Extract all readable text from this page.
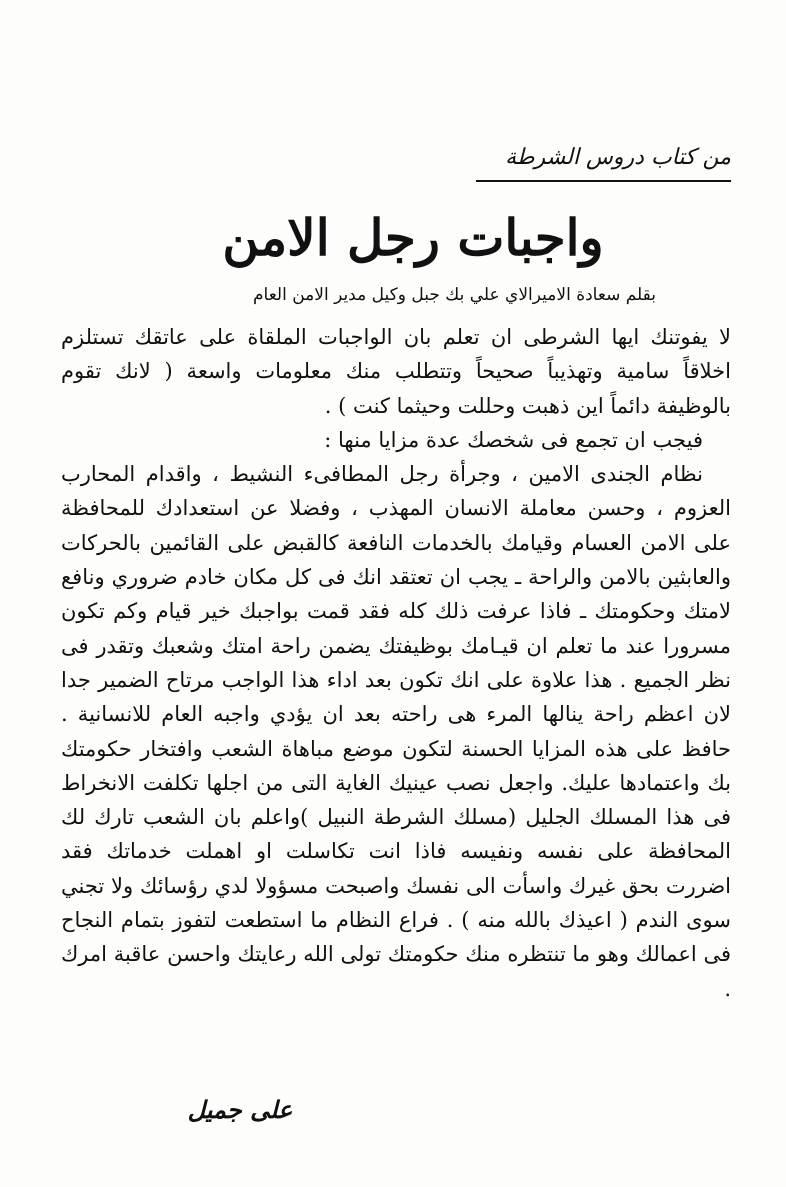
من كتاب دروس الشرطة
واجبات رجل الامن
بقلم سعادة الاميرالاي علي بك جبل وكيل مدير الامن العام

لا يفوتنك ايها الشرطى ان تعلم بان الواجبات الملقاة على عاتقك تستلزم اخلاقاً سامية وتهذيباً صحيحاً وتتطلب منك معلومات واسعة ( لانك تقوم بالوظيفة دائماً اين ذهبت وحللت وحيثما كنت ) .

فيجب ان تجمع فى شخصك عدة مزايا منها :

نظام الجندى الامين ، وجرأة رجل المطافىء النشيط ، واقدام المحارب العزوم ، وحسن معاملة الانسان المهذب ، وفضلا عن استعدادك للمحافظة على الامن العسام وقيامك بالخدمات النافعة كالقبض على القائمين بالحركات والعابثين بالامن والراحة ـ يجب ان تعتقد انك فى كل مكان خادم ضروري ونافع لامتك وحكومتك ـ فاذا عرفت ذلك كله فقد قمت بواجبك خير قيام وكم تكون مسرورا عند ما تعلم ان قيـامك بوظيفتك يضمن راحة امتك وشعبك وتقدر فى نظر الجميع . هذا علاوة على انك تكون بعد اداء هذا الواجب مرتاح الضمير جدا لان اعظم راحة ينالها المرء هى راحته بعد ان يؤدي واجبه العام للانسانية . حافظ على هذه المزايا الحسنة لتكون موضع مباهاة الشعب وافتخار حكومتك بك واعتمادها عليك. واجعل نصب عينيك الغاية التى من اجلها تكلفت الانخراط فى هذا المسلك الجليل (مسلك الشرطة النبيل )واعلم بان الشعب تارك لك المحافظة على نفسه ونفيسه فاذا انت تكاسلت او اهملت خدماتك فقد اضررت بحق غيرك واسأت الى نفسك واصبحت مسؤولا لدي رؤسائك ولا تجني سوى الندم ( اعيذك بالله منه ) . فراع النظام ما استطعت لتفوز بتمام النجاح فى اعمالك وهو ما تنتظره منك حكومتك تولى الله رعايتك واحسن عاقبة امرك .

على جميل
